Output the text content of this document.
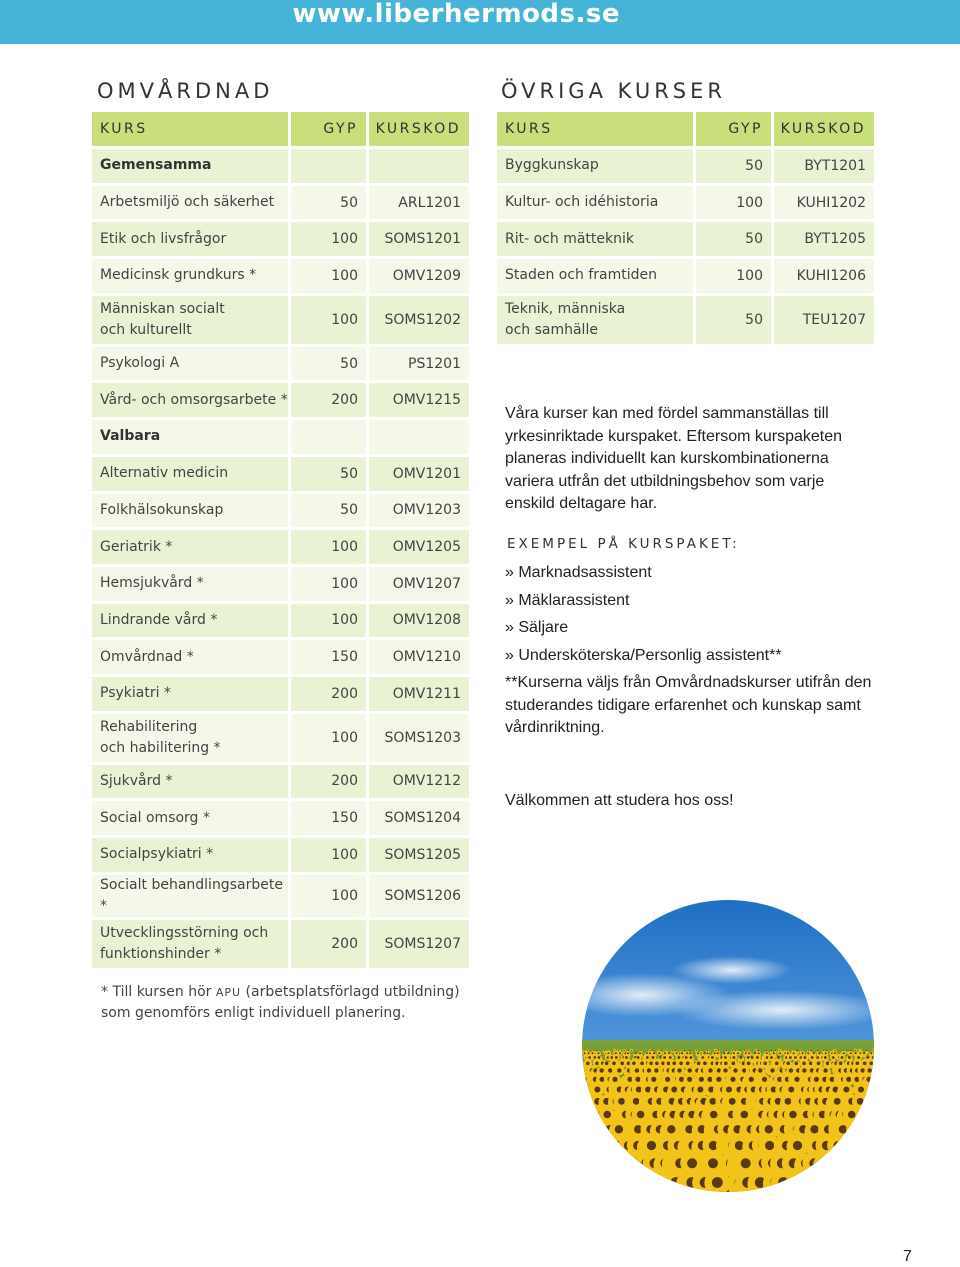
www.liberhermods.se
OMVÅRDNAD	ÖVRIGA KURSER
KURS	GYP	KURSKOD
Gemensamma		
Arbetsmiljö och säkerhet	50	ARL1201
Etik och livsfrågor	100	SOMS1201
Medicinsk grundkurs *	100	OMV1209
Människan socialt
och kulturellt	100	SOMS1202
Psykologi A	50	PS1201
Vård- och omsorgsarbete *	200	OMV1215
Valbara		
Alternativ medicin	50	OMV1201
Folkhälsokunskap	50	OMV1203
Geriatrik *	100	OMV1205
Hemsjukvård *	100	OMV1207
Lindrande vård *	100	OMV1208
Omvårdnad *	150	OMV1210
Psykiatri *	200	OMV1211
Rehabilitering
och habilitering *	100	SOMS1203
Sjukvård *	200	OMV1212
Social omsorg *	150	SOMS1204
Socialpsykiatri *	100	SOMS1205
Socialt behandlingsarbete *	100	SOMS1206
Utvecklingsstörning och
funktionshinder *	200	SOMS1207
KURS	GYP	KURSKOD
Byggkunskap	50	BYT1201
Kultur- och idéhistoria	100	KUHI1202
Rit- och mätteknik	50	BYT1205
Staden och framtiden	100	KUHI1206
Teknik, människa
och samhälle	50	TEU1207
* Till kursen hör APU (arbetsplatsförlagd utbildning) som genomförs enligt individuell planering.

Våra kurser kan med fördel sammanställas till yrkesinriktade kurspaket. Eftersom kurspaketen planeras individuellt kan kurskombinationerna variera utfrån det utbildningsbehov som varje enskild deltagare har.

EXEMPEL PÅ KURSPAKET:
» Marknadsassistent
» Mäklarassistent
» Säljare
» Undersköterska/Personlig assistent**

**Kurserna väljs från Omvårdnadskurser utifrån den studerandes tidigare erfarenhet och kunskap samt vårdinriktning.

Välkommen att studera hos oss!

7
